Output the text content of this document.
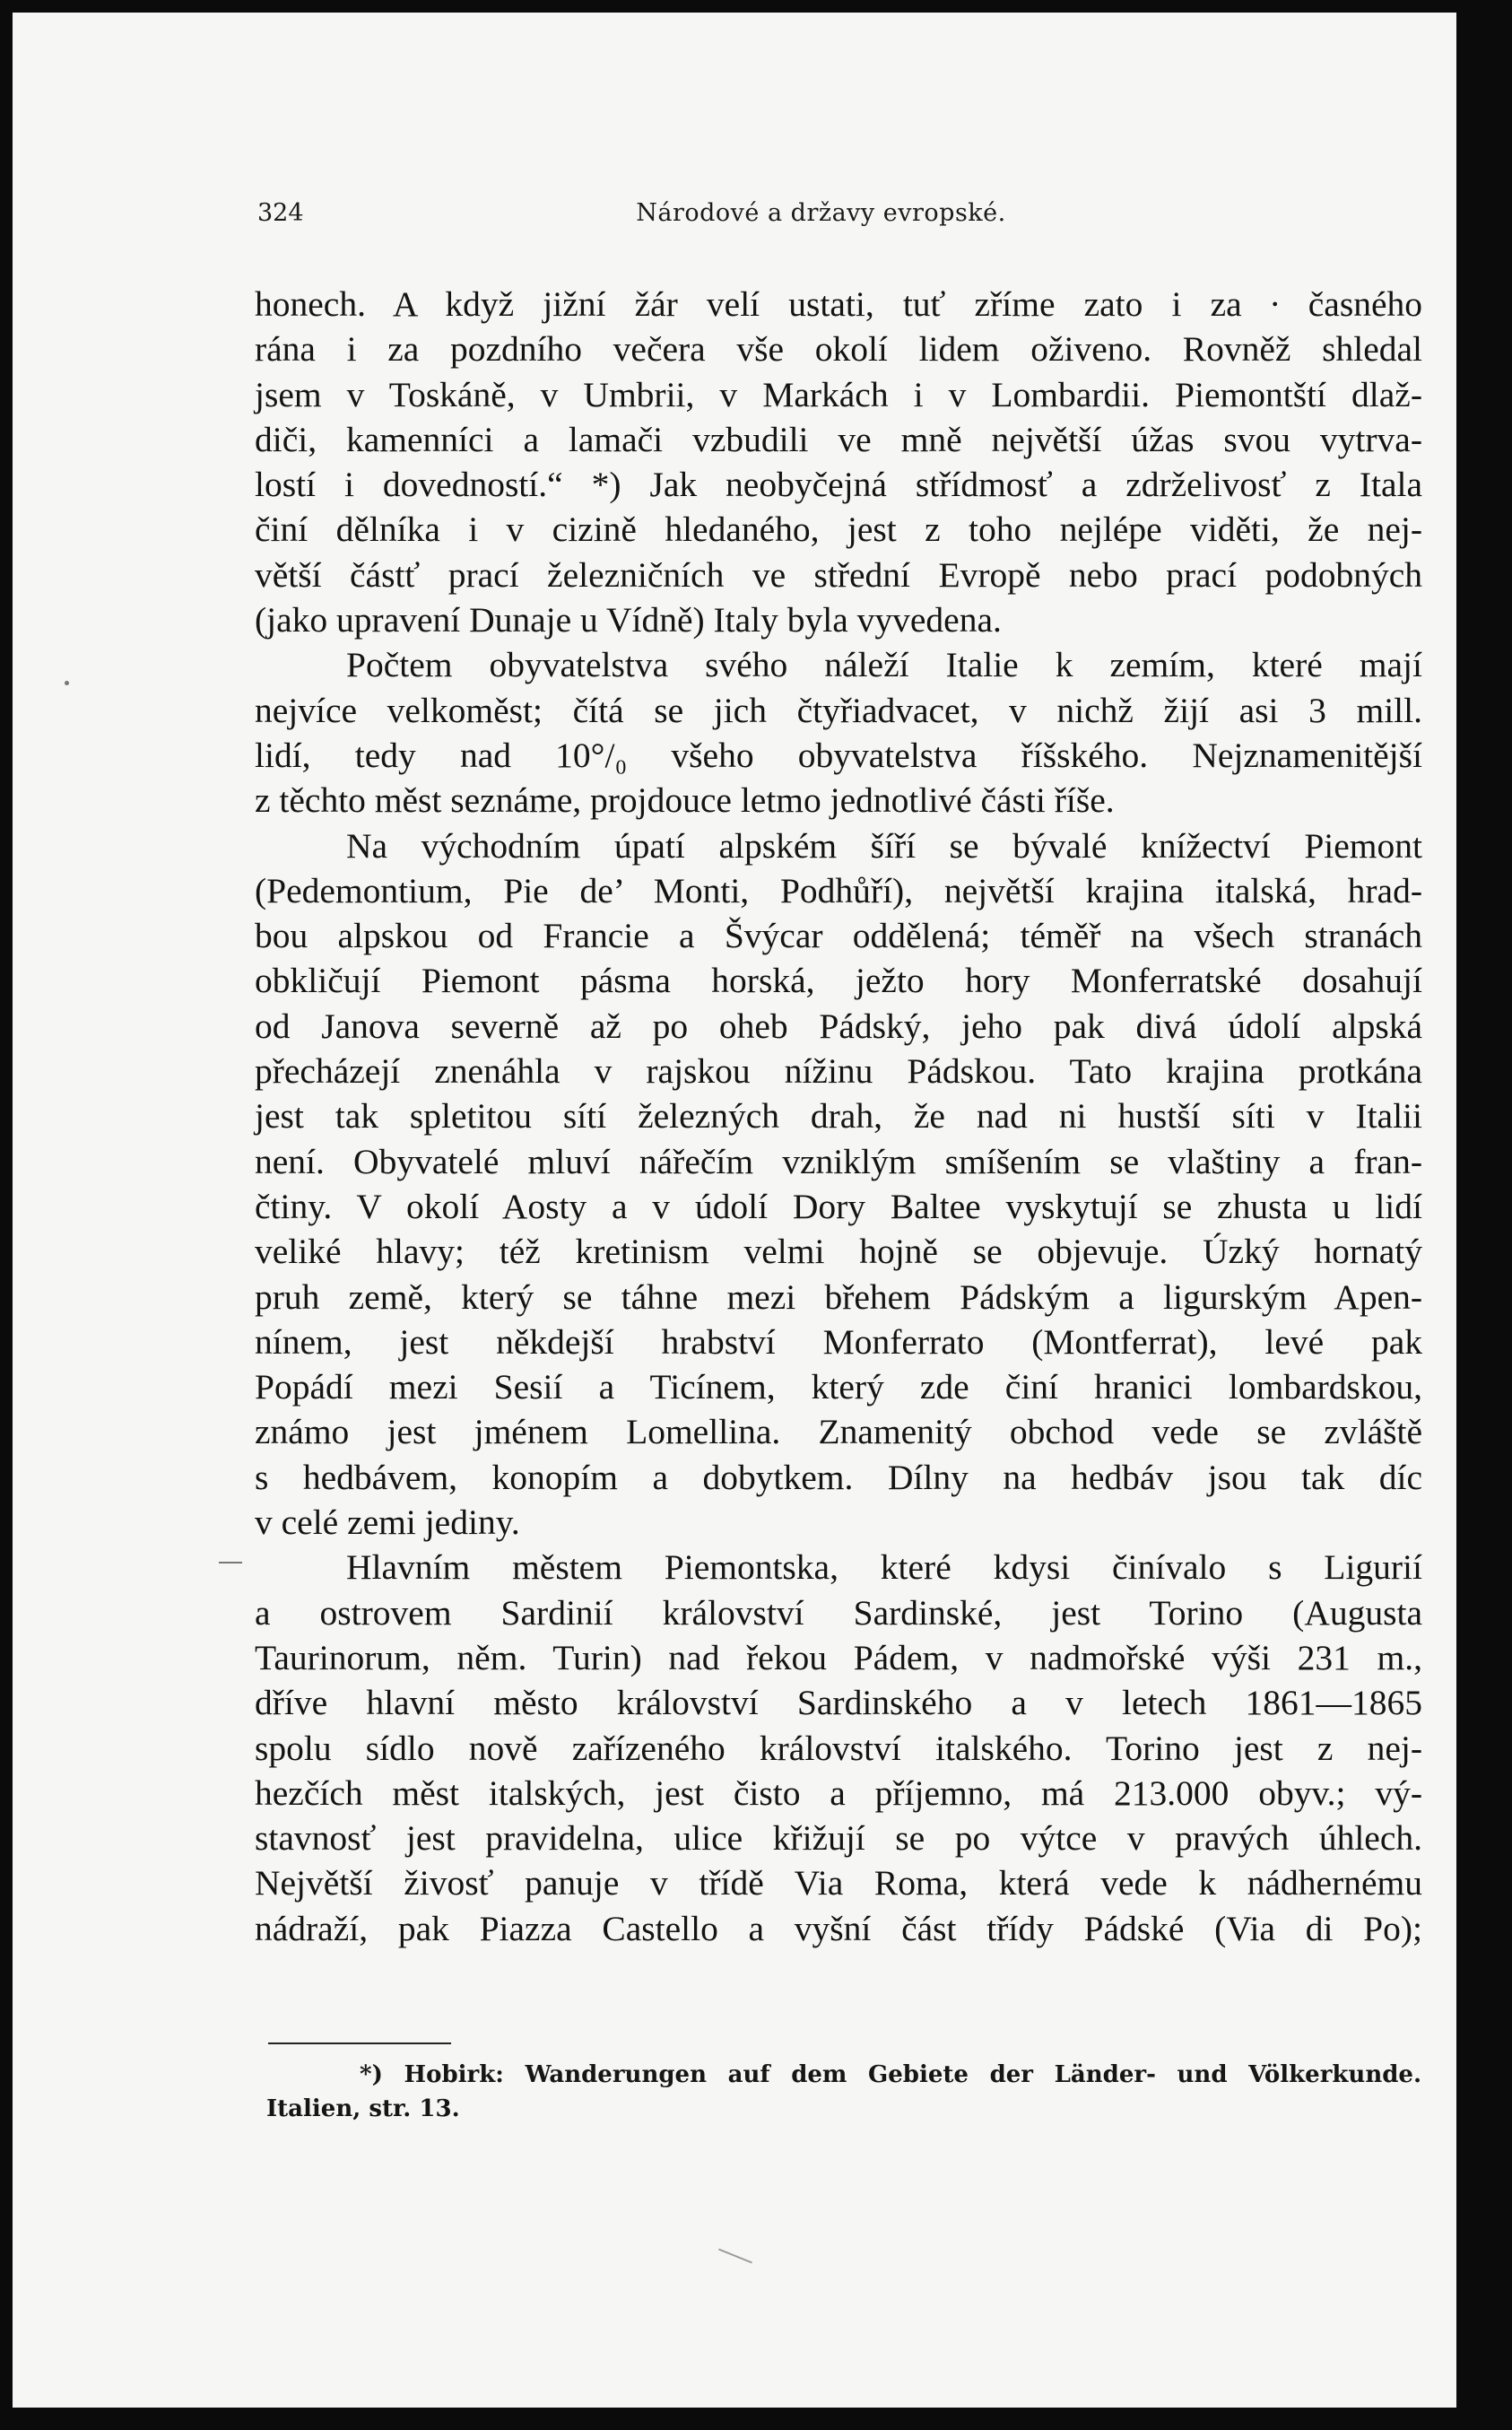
324	Národové a državy evropské.

honech. A když jižní žár velí ustati, tuť zříme zato i za ∙ časného
rána i za pozdního večera vše okolí lidem oživeno. Rovněž shledal
jsem v Toskáně, v Umbrii, v Markách i v Lombardii. Piemontští dlaž-
diči, kamenníci a lamači vzbudili ve mně největší úžas svou vytrva-
lostí i dovedností.“ *) Jak neobyčejná střídmosť a zdrželivosť z Itala
činí dělníka i v cizině hledaného, jest z toho nejlépe viděti, že nej-
větší částť prací železničních ve střední Evropě nebo prací podobných
(jako upravení Dunaje u Vídně) Italy byla vyvedena.

Počtem obyvatelstva svého náleží Italie k zemím, které mají
nejvíce velkoměst; čítá se jich čtyřiadvacet, v nichž žijí asi 3 mill.
lidí, tedy nad 10°/₀ všeho obyvatelstva říšského. Nejznamenitější
z těchto měst seznáme, projdouce letmo jednotlivé části říše.

Na východním úpatí alpském šíří se bývalé knížectví Piemont
(Pedemontium, Pie de’ Monti, Podhůří), největší krajina italská, hrad-
bou alpskou od Francie a Švýcar oddělená; téměř na všech stranách
obkličují Piemont pásma horská, ježto hory Monferratské dosahují
od Janova severně až po oheb Pádský, jeho pak divá údolí alpská
přecházejí znenáhla v rajskou nížinu Pádskou. Tato krajina protkána
jest tak spletitou sítí železných drah, že nad ni hustší síti v Italii
není. Obyvatelé mluví nářečím vzniklým smíšením se vlaštiny a fran-
čtiny. V okolí Aosty a v údolí Dory Baltee vyskytují se zhusta u lidí
veliké hlavy; též kretinism velmi hojně se objevuje. Úzký hornatý
pruh země, který se táhne mezi břehem Pádským a ligurským Apen-
nínem, jest někdejší hrabství Monferrato (Montferrat), levé pak
Popádí mezi Sesií a Ticínem, který zde činí hranici lombardskou,
známo jest jménem Lomellina. Znamenitý obchod vede se zvláště
s hedbávem, konopím a dobytkem. Dílny na hedbáv jsou tak díc
v celé zemi jediny.

Hlavním městem Piemontska, které kdysi činívalo s Ligurií
a ostrovem Sardinií království Sardinské, jest Torino (Augusta
Taurinorum, něm. Turin) nad řekou Pádem, v nadmořské výši 231 m.,
dříve hlavní město království Sardinského a v letech 1861—1865
spolu sídlo nově zařízeného království italského. Torino jest z nej-
hezčích měst italských, jest čisto a příjemno, má 213.000 obyv.; vý-
stavnosť jest pravidelna, ulice křižují se po výtce v pravých úhlech.
Největší živosť panuje v třídě Via Roma, která vede k nádhernému
nádraží, pak Piazza Castello a vyšní část třídy Pádské (Via di Po);

*) Hobirk: Wanderungen auf dem Gebiete der Länder- und Völkerkunde.
Italien, str. 13.
